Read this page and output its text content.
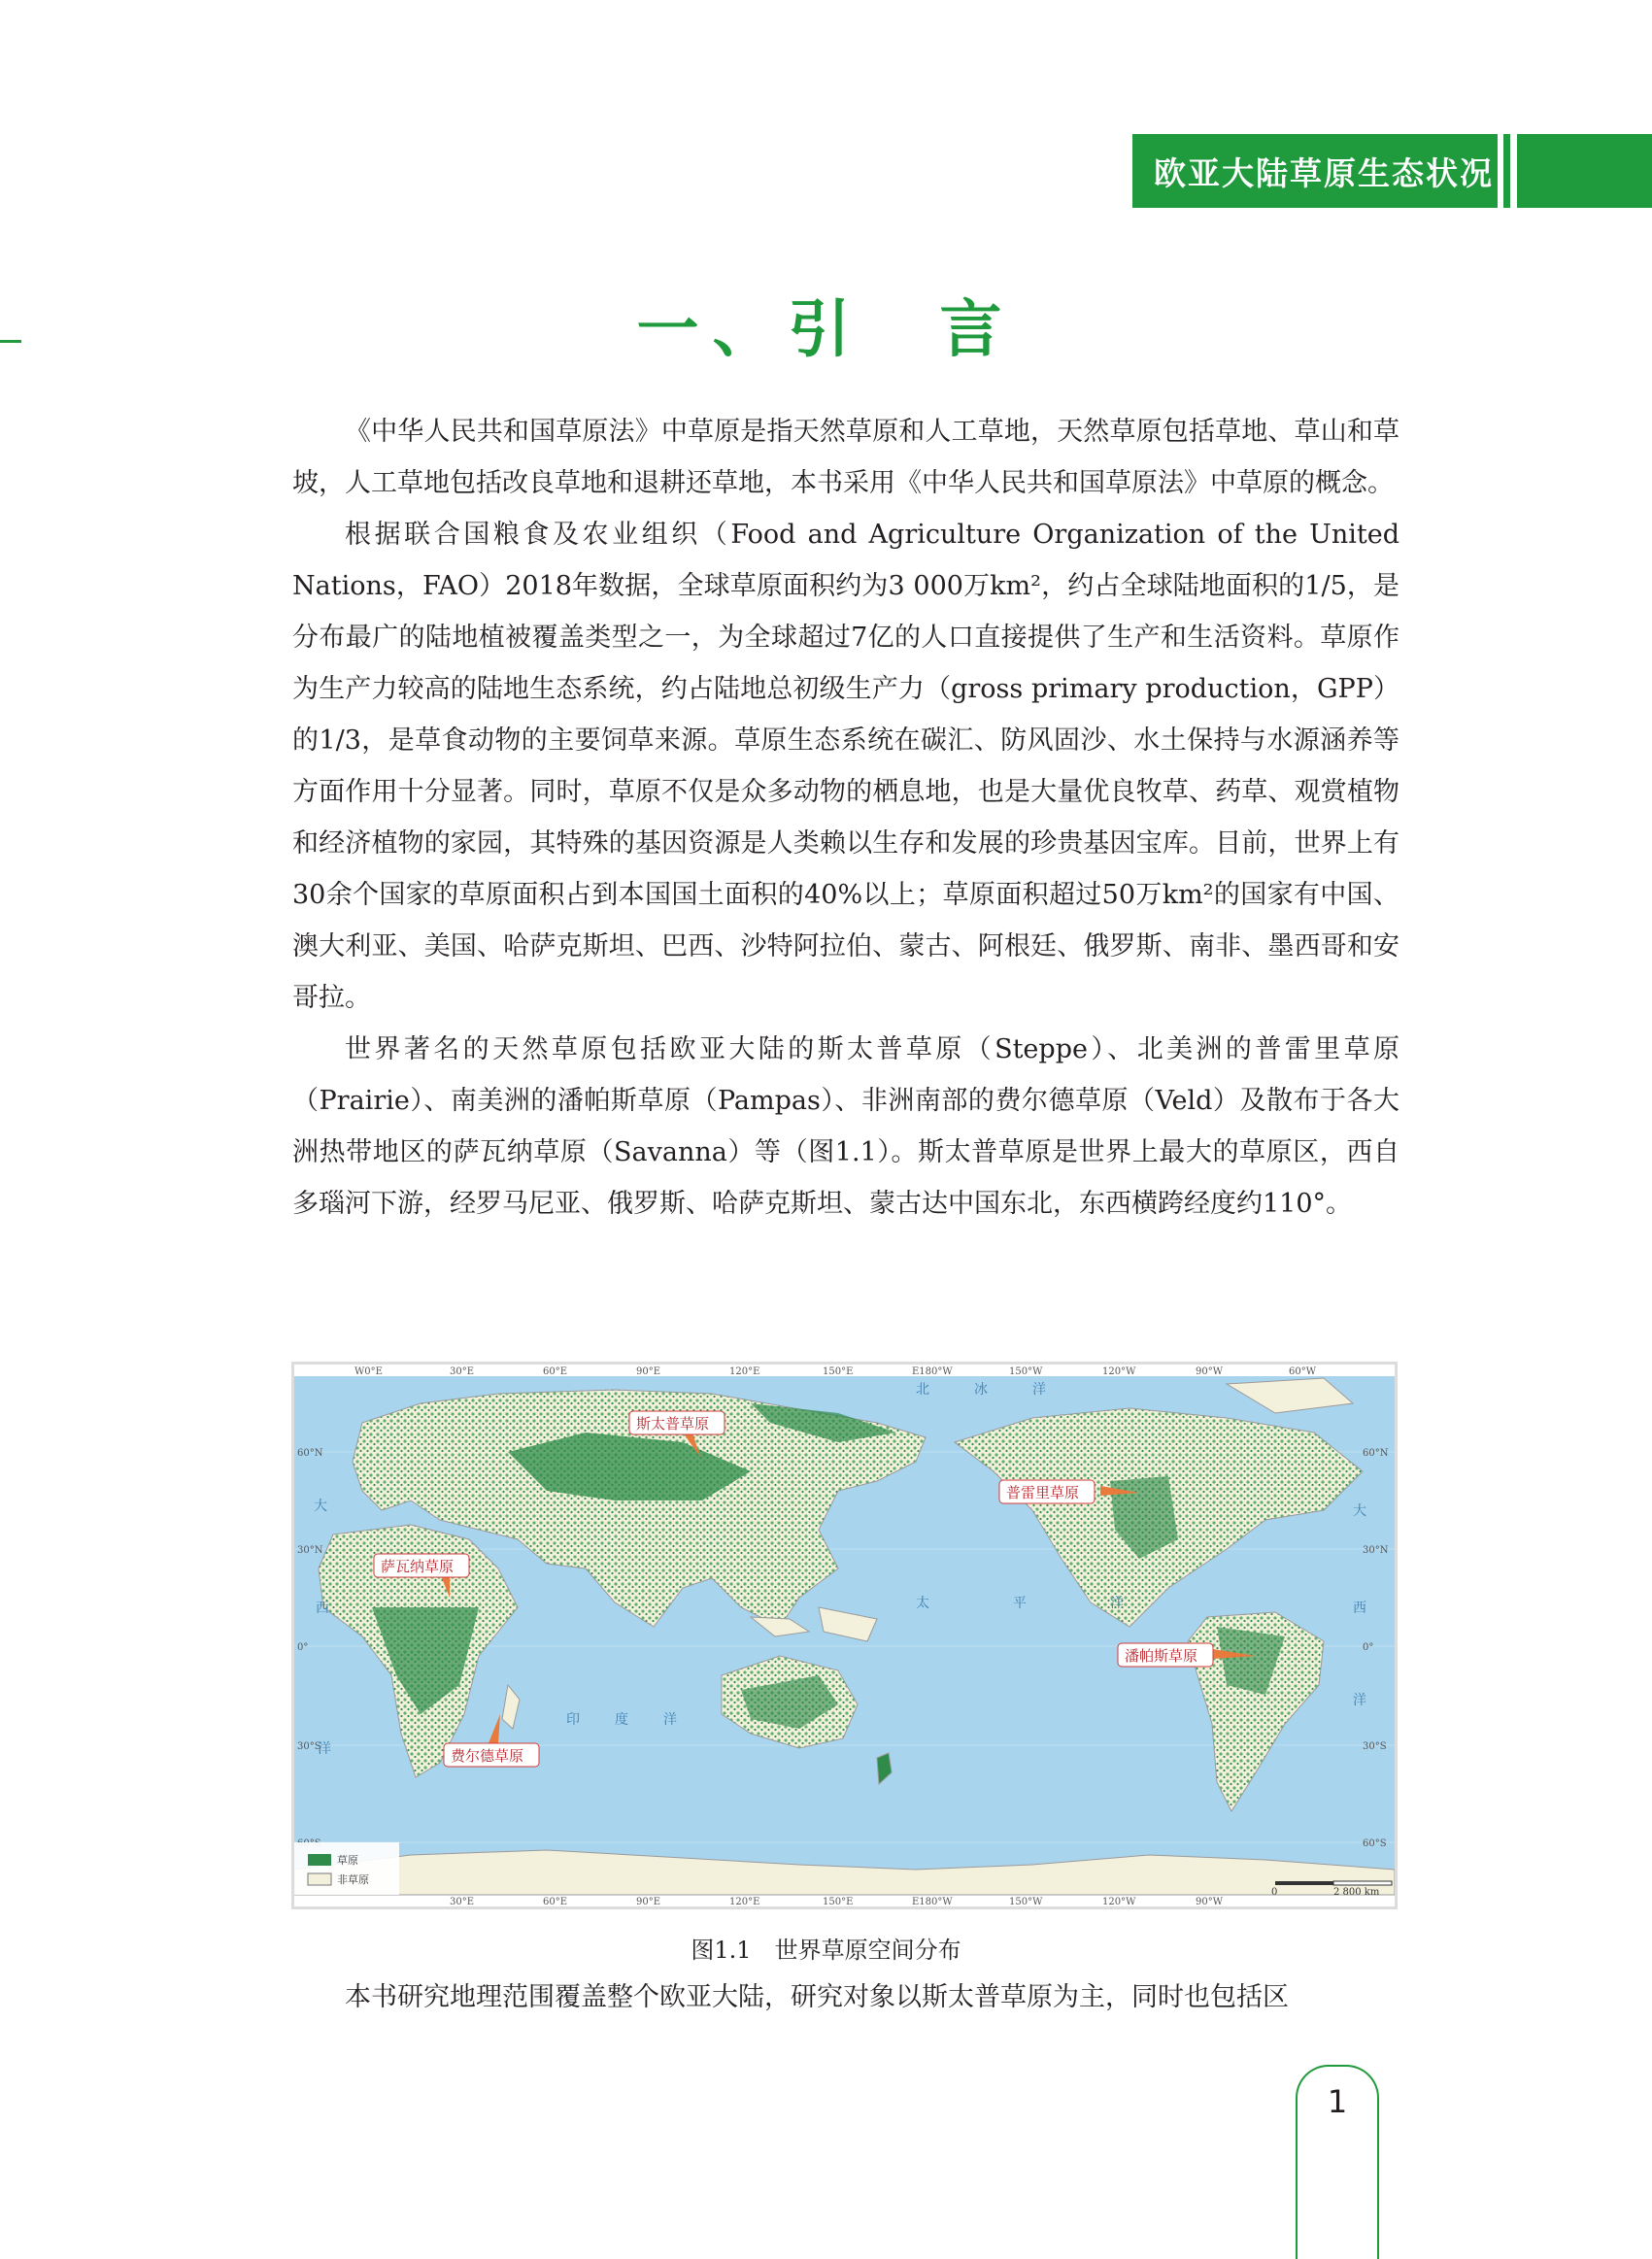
欧亚大陆草原生态状况
一、引　言

《中华人民共和国草原法》中草原是指天然草原和人工草地，天然草原包括草地、草山和草坡，人工草地包括改良草地和退耕还草地，本书采用《中华人民共和国草原法》中草原的概念。

根据联合国粮食及农业组织（Food and Agriculture Organization of the United Nations，FAO）2018年数据，全球草原面积约为3 000万km²，约占全球陆地面积的1/5，是分布最广的陆地植被覆盖类型之一，为全球超过7亿的人口直接提供了生产和生活资料。草原作为生产力较高的陆地生态系统，约占陆地总初级生产力（gross primary production，GPP）的1/3，是草食动物的主要饲草来源。草原生态系统在碳汇、防风固沙、水土保持与水源涵养等方面作用十分显著。同时，草原不仅是众多动物的栖息地，也是大量优良牧草、药草、观赏植物和经济植物的家园，其特殊的基因资源是人类赖以生存和发展的珍贵基因宝库。目前，世界上有30余个国家的草原面积占到本国国土面积的40%以上；草原面积超过50万km²的国家有中国、澳大利亚、美国、哈萨克斯坦、巴西、沙特阿拉伯、蒙古、阿根廷、俄罗斯、南非、墨西哥和安哥拉。

世界著名的天然草原包括欧亚大陆的斯太普草原（Steppe）、北美洲的普雷里草原（Prairie）、南美洲的潘帕斯草原（Pampas）、非洲南部的费尔德草原（Veld）及散布于各大洲热带地区的萨瓦纳草原（Savanna）等（图1.1）。斯太普草原是世界上最大的草原区，西自多瑙河下游，经罗马尼亚、俄罗斯、哈萨克斯坦、蒙古达中国东北，东西横跨经度约110°。

W0°E	30°E	60°E	90°E	120°E	150°E	E180°W	150°W	120°W	90°W	60°W
30°E	60°E	90°E	120°E	150°E	E180°W	150°W	120°W	90°W
60°N
30°N
0°
30°S
60°N
30°N
0°
30°S
60°S
太	平	洋
大
西
洋
印	度	洋
北	冰	洋
大
西
洋
斯太普草原
普雷里草原
萨瓦纳草原
潘帕斯草原
费尔德草原
草原
非草原
0	2 800 km
图1.1　世界草原空间分布
本书研究地理范围覆盖整个欧亚大陆，研究对象以斯太普草原为主，同时也包括区
1
